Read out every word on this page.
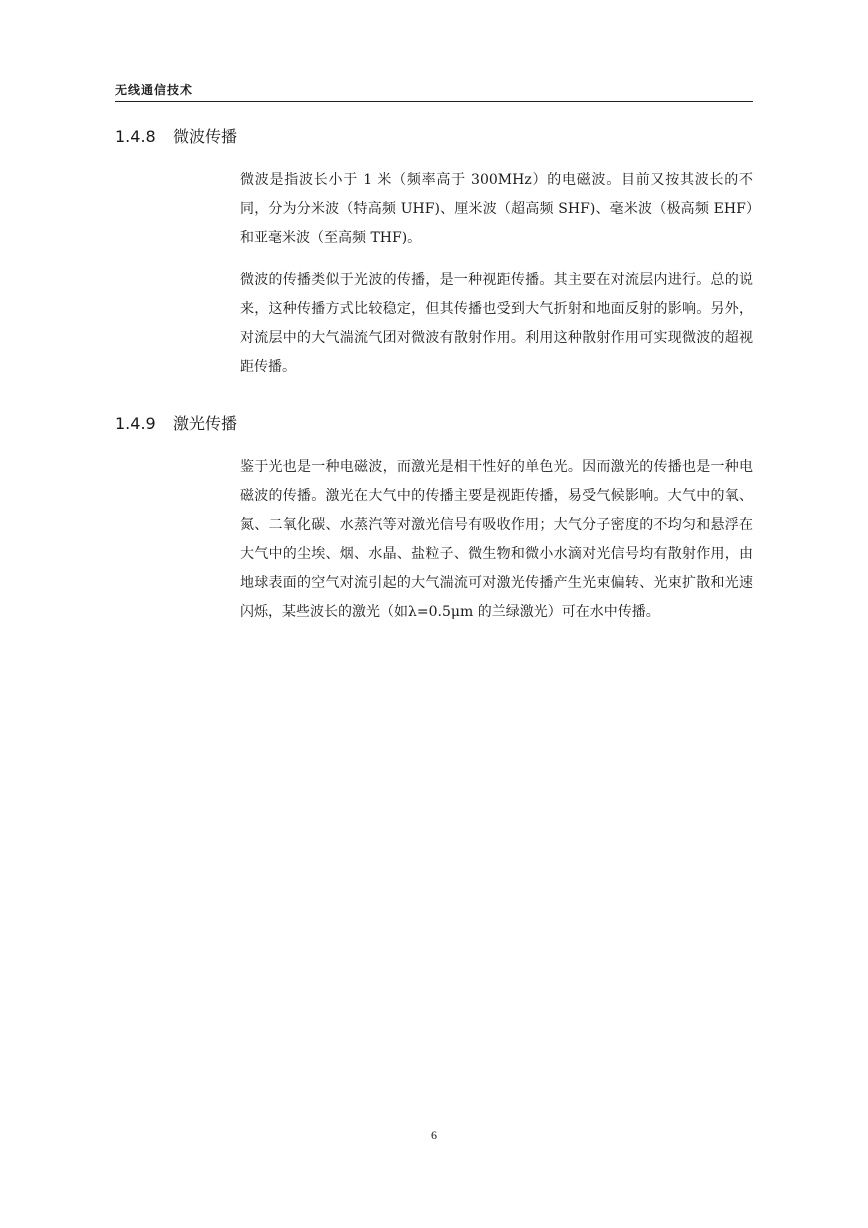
无线通信技术
1.4.8 微波传播
微波是指波长小于 1 米（频率高于 300MHz）的电磁波。目前又按其波长的不同，分为分米波（特高频 UHF)、厘米波（超高频 SHF)、毫米波（极高频 EHF）和亚毫米波（至高频 THF)。
微波的传播类似于光波的传播，是一种视距传播。其主要在对流层内进行。总的说来，这种传播方式比较稳定，但其传播也受到大气折射和地面反射的影响。另外，对流层中的大气湍流气团对微波有散射作用。利用这种散射作用可实现微波的超视距传播。
1.4.9 激光传播
鉴于光也是一种电磁波，而激光是相干性好的单色光。因而激光的传播也是一种电磁波的传播。激光在大气中的传播主要是视距传播，易受气候影响。大气中的氧、氮、二氧化碳、水蒸汽等对激光信号有吸收作用；大气分子密度的不均匀和悬浮在大气中的尘埃、烟、水晶、盐粒子、微生物和微小水滴对光信号均有散射作用，由地球表面的空气对流引起的大气湍流可对激光传播产生光束偏转、光束扩散和光速闪烁，某些波长的激光（如λ=0.5μm 的兰绿激光）可在水中传播。
6
